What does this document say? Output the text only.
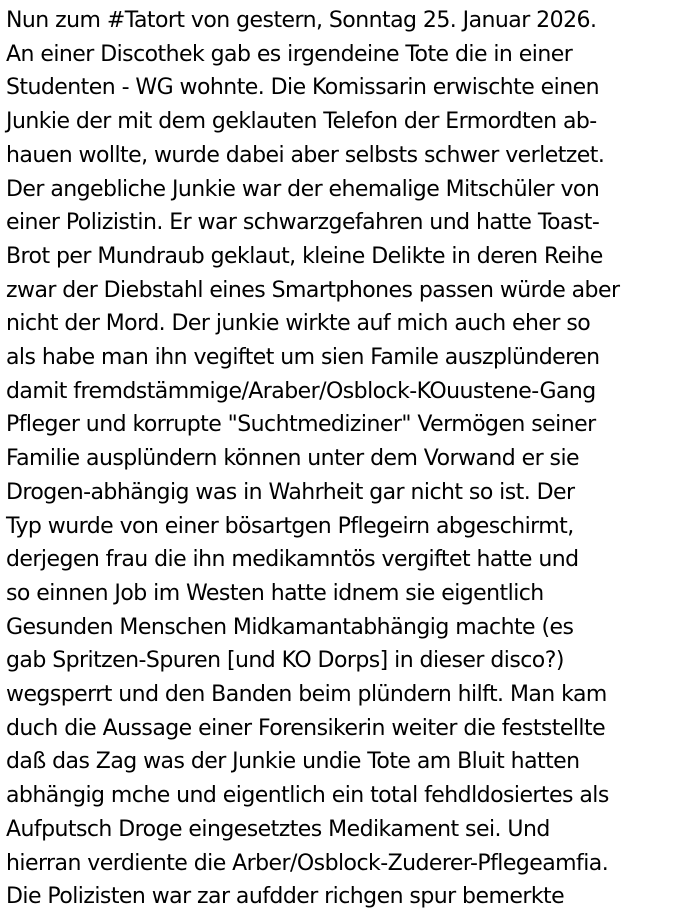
Nun zum #Tatort von gestern, Sonntag 25. Januar 2026.
An einer Discothek gab es irgendeine Tote die in einer
Studenten - WG wohnte. Die Komissarin erwischte einen
Junkie der mit dem geklauten Telefon der Ermordten ab-
hauen wollte, wurde dabei aber selbsts schwer verletzet.
Der angebliche Junkie war der ehemalige Mitschüler von
einer Polizistin. Er war schwarzgefahren und hatte Toast-
Brot per Mundraub geklaut, kleine Delikte in deren Reihe
zwar der Diebstahl eines Smartphones passen würde aber
nicht der Mord. Der junkie wirkte auf mich auch eher so
als habe man ihn vegiftet um sien Famile auszplünderen
damit fremdstämmige/Araber/Osblock-KOuustene-Gang
Pfleger und korrupte "Suchtmediziner" Vermögen seiner
Familie ausplündern können unter dem Vorwand er sie
Drogen-abhängig was in Wahrheit gar nicht so ist. Der
Typ wurde von einer bösartgen Pflegeirn abgeschirmt,
derjegen frau die ihn medikamntös vergiftet hatte und
so einnen Job im Westen hatte idnem sie eigentlich
Gesunden Menschen Midkamantabhängig machte (es
gab Spritzen-Spuren [und KO Dorps] in dieser disco?)
wegsperrt und den Banden beim plündern hilft. Man kam
duch die Aussage einer Forensikerin weiter die feststellte
daß das Zag was der Junkie undie Tote am Bluit hatten
abhängig mche und eigentlich ein total fehdldosiertes als
Aufputsch Droge eingesetztes Medikament sei. Und
hierran verdiente die Arber/Osblock-Zuderer-Pflegeamfia.
Die Polizisten war zar aufdder richgen spur bemerkte
